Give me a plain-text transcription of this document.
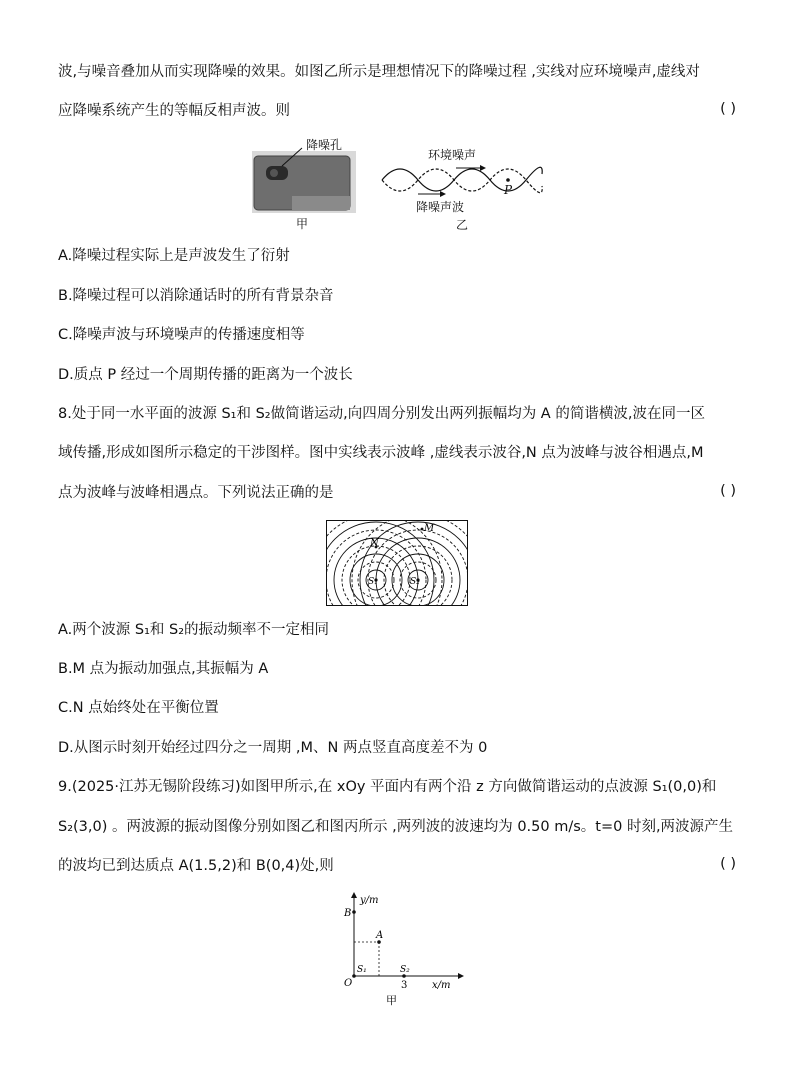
波,与噪音叠加从而实现降噪的效果。如图乙所示是理想情况下的降噪过程 ,实线对应环境噪声,虚线对
应降噪系统产生的等幅反相声波。则	( )
降噪孔
甲
环境噪声
降噪声波
P
乙
A.降噪过程实际上是声波发生了衍射
B.降噪过程可以消除通话时的所有背景杂音
C.降噪声波与环境噪声的传播速度相等
D.质点 P 经过一个周期传播的距离为一个波长
8.处于同一水平面的波源 S₁和 S₂做简谐运动,向四周分别发出两列振幅均为 A 的简谐横波,波在同一区
域传播,形成如图所示稳定的干涉图样。图中实线表示波峰 ,虚线表示波谷,N 点为波峰与波谷相遇点,M
点为波峰与波峰相遇点。下列说法正确的是	( )
M
N
S₁	S₂
A.两个波源 S₁和 S₂的振动频率不一定相同
B.M 点为振动加强点,其振幅为 A
C.N 点始终处在平衡位置
D.从图示时刻开始经过四分之一周期 ,M、N 两点竖直高度差不为 0
9.(2025·江苏无锡阶段练习)如图甲所示,在 xOy 平面内有两个沿 z 方向做简谐运动的点波源 S₁(0,0)和
S₂(3,0) 。两波源的振动图像分别如图乙和图丙所示 ,两列波的波速均为 0.50 m/s。t=0 时刻,两波源产生
的波均已到达质点 A(1.5,2)和 B(0,4)处,则	( )
y/m
x/m
B
A
S₁	S₂
O	3
甲
